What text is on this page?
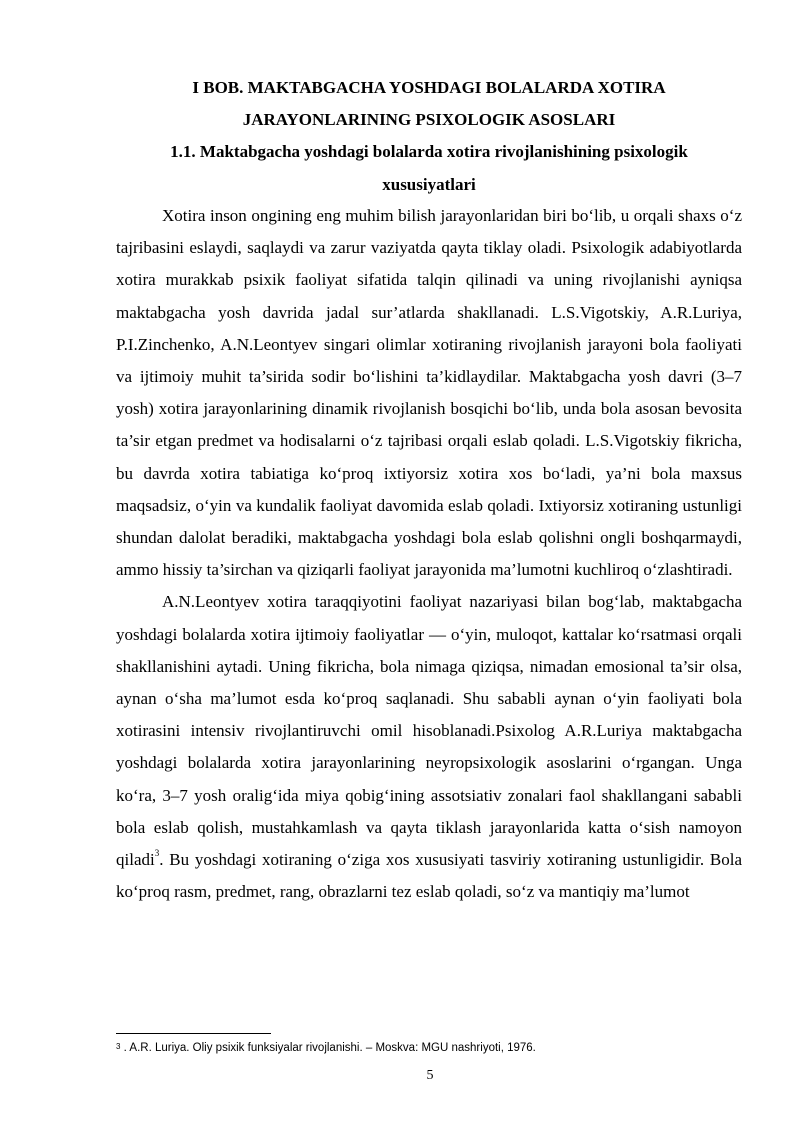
I BOB. MAKTABGACHA YOSHDAGI BOLALARDA XOTIRA
JARAYONLARINING PSIXOLOGIK ASOSLARI
1.1. Maktabgacha yoshdagi bolalarda xotira rivojlanishining psixologik
xususiyatlari

Xotira inson ongining eng muhim bilish jarayonlaridan biri bo‘lib, u orqali shaxs o‘z tajribasini eslaydi, saqlaydi va zarur vaziyatda qayta tiklay oladi. Psixologik adabiyotlarda xotira murakkab psixik faoliyat sifatida talqin qilinadi va uning rivojlanishi ayniqsa maktabgacha yosh davrida jadal sur’atlarda shakllanadi. L.S.Vigotskiy, A.R.Luriya, P.I.Zinchenko, A.N.Leontyev singari olimlar xotiraning rivojlanish jarayoni bola faoliyati va ijtimoiy muhit ta’sirida sodir bo‘lishini ta’kidlaydilar. Maktabgacha yosh davri (3–7 yosh) xotira jarayonlarining dinamik rivojlanish bosqichi bo‘lib, unda bola asosan bevosita ta’sir etgan predmet va hodisalarni o‘z tajribasi orqali eslab qoladi. L.S.Vigotskiy fikricha, bu davrda xotira tabiatiga ko‘proq ixtiyorsiz xotira xos bo‘ladi, ya’ni bola maxsus maqsadsiz, o‘yin va kundalik faoliyat davomida eslab qoladi. Ixtiyorsiz xotiraning ustunligi shundan dalolat beradiki, maktabgacha yoshdagi bola eslab qolishni ongli boshqarmaydi, ammo hissiy ta’sirchan va qiziqarli faoliyat jarayonida ma’lumotni kuchliroq o‘zlashtiradi.

A.N.Leontyev xotira taraqqiyotini faoliyat nazariyasi bilan bog‘lab, maktabgacha yoshdagi bolalarda xotira ijtimoiy faoliyatlar — o‘yin, muloqot, kattalar ko‘rsatmasi orqali shakllanishini aytadi. Uning fikricha, bola nimaga qiziqsa, nimadan emosional ta’sir olsa, aynan o‘sha ma’lumot esda ko‘proq saqlanadi. Shu sababli aynan o‘yin faoliyati bola xotirasini intensiv rivojlantiruvchi omil hisoblanadi.Psixolog A.R.Luriya maktabgacha yoshdagi bolalarda xotira jarayonlarining neyropsixologik asoslarini o‘rgangan. Unga ko‘ra, 3–7 yosh oralig‘ida miya qobig‘ining assotsiativ zonalari faol shakllangani sababli bola eslab qolish, mustahkamlash va qayta tiklash jarayonlarida katta o‘sish namoyon qiladi$^3$. Bu yoshdagi xotiraning o‘ziga xos xususiyati tasviriy xotiraning ustunligidir. Bola ko‘proq rasm, predmet, rang, obrazlarni tez eslab qoladi, so‘z va mantiqiy ma’lumot

$^3$ . A.R. Luriya. Oliy psixik funksiyalar rivojlanishi. – Moskva: MGU nashriyoti, 1976.
5
